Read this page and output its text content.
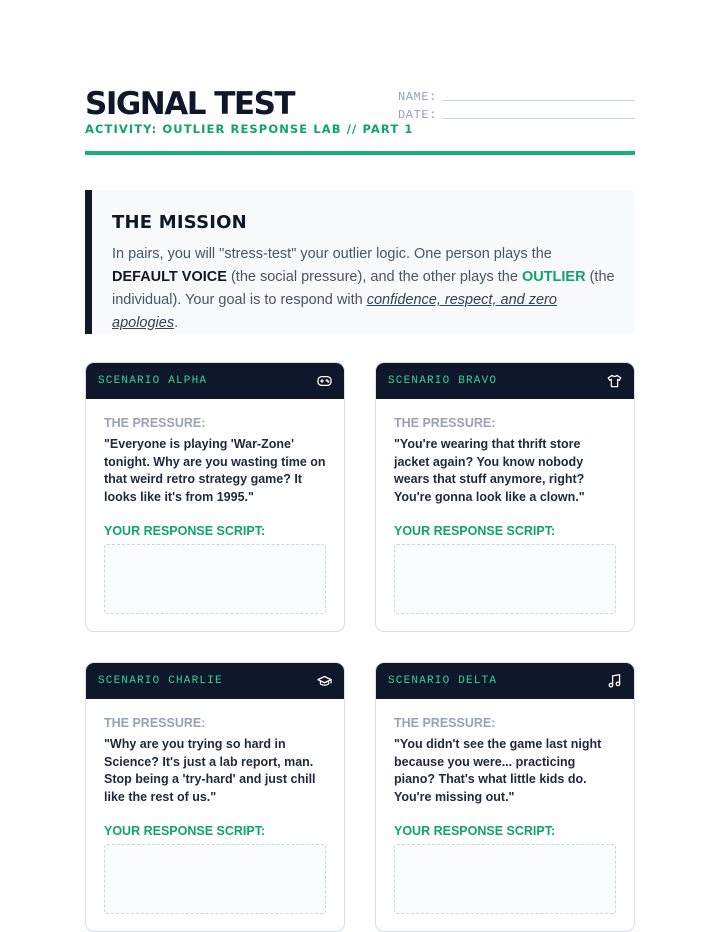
SIGNAL TEST
ACTIVITY: OUTLIER RESPONSE LAB // PART 1
NAME:
DATE:
THE MISSION
In pairs, you will "stress-test" your outlier logic. One person plays the DEFAULT VOICE (the social pressure), and the other plays the OUTLIER (the individual). Your goal is to respond with confidence, respect, and zero apologies.
SCENARIO ALPHA
THE PRESSURE:
"Everyone is playing 'War-Zone' tonight. Why are you wasting time on that weird retro strategy game? It looks like it's from 1995."
YOUR RESPONSE SCRIPT:
SCENARIO BRAVO
THE PRESSURE:
"You're wearing that thrift store jacket again? You know nobody wears that stuff anymore, right? You're gonna look like a clown."
YOUR RESPONSE SCRIPT:
SCENARIO CHARLIE
THE PRESSURE:
"Why are you trying so hard in Science? It's just a lab report, man. Stop being a 'try-hard' and just chill like the rest of us."
YOUR RESPONSE SCRIPT:
SCENARIO DELTA
THE PRESSURE:
"You didn't see the game last night because you were... practicing piano? That's what little kids do. You're missing out."
YOUR RESPONSE SCRIPT:
